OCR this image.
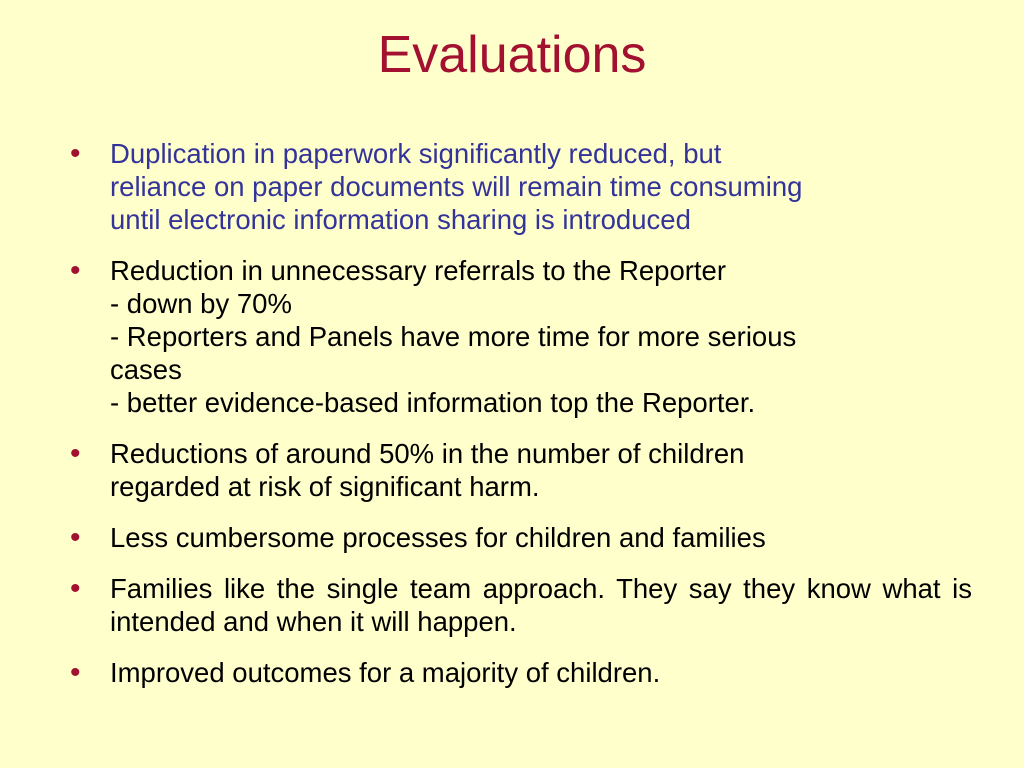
Evaluations
•	Duplication in paperwork significantly reduced, but
reliance on paper documents will remain time consuming
until electronic information sharing is introduced
•	Reduction in unnecessary referrals to the Reporter
- down by 70%
- Reporters and Panels have more time for more serious
cases
- better evidence-based information top the Reporter.
•	Reductions of around 50% in the number of children
regarded at risk of significant harm.
•	Less cumbersome processes for children and families
•	Families like the single team approach. They say they know what is intended and when it will happen.
•	Improved outcomes for a majority of children.
